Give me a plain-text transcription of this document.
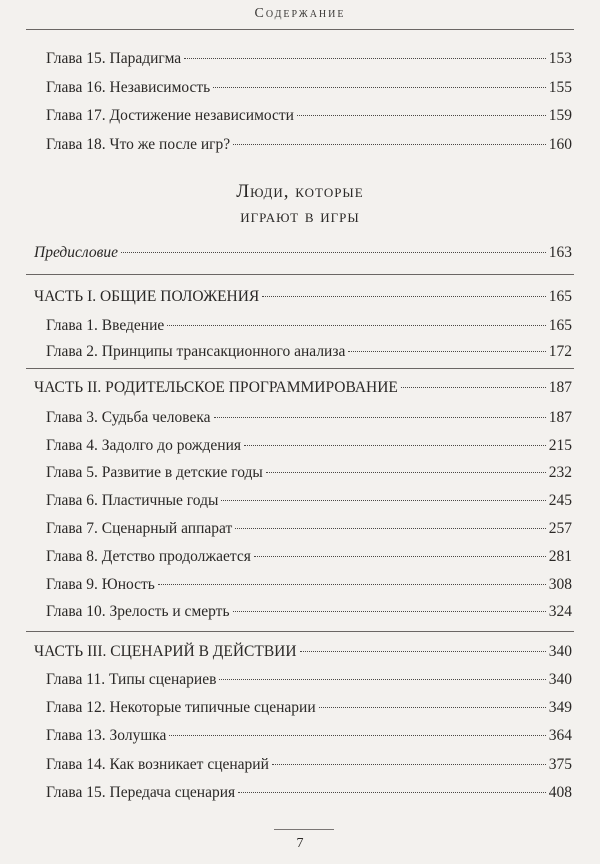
Содержание
Глава 15. Парадигма	153
Глава 16. Независимость	155
Глава 17. Достижение независимости	159
Глава 18. Что же после игр?	160
Люди, которые
играют в игры
Предисловие	163
ЧАСТЬ I. ОБЩИЕ ПОЛОЖЕНИЯ	165
Глава 1. Введение	165
Глава 2. Принципы трансакционного анализа	172
ЧАСТЬ II. РОДИТЕЛЬСКОЕ ПРОГРАММИРОВАНИЕ	187
Глава 3. Судьба человека	187
Глава 4. Задолго до рождения	215
Глава 5. Развитие в детские годы	232
Глава 6. Пластичные годы	245
Глава 7. Сценарный аппарат	257
Глава 8. Детство продолжается	281
Глава 9. Юность	308
Глава 10. Зрелость и смерть	324
ЧАСТЬ III. СЦЕНАРИЙ В ДЕЙСТВИИ	340
Глава 11. Типы сценариев	340
Глава 12. Некоторые типичные сценарии	349
Глава 13. Золушка	364
Глава 14. Как возникает сценарий	375
Глава 15. Передача сценария	408
7
